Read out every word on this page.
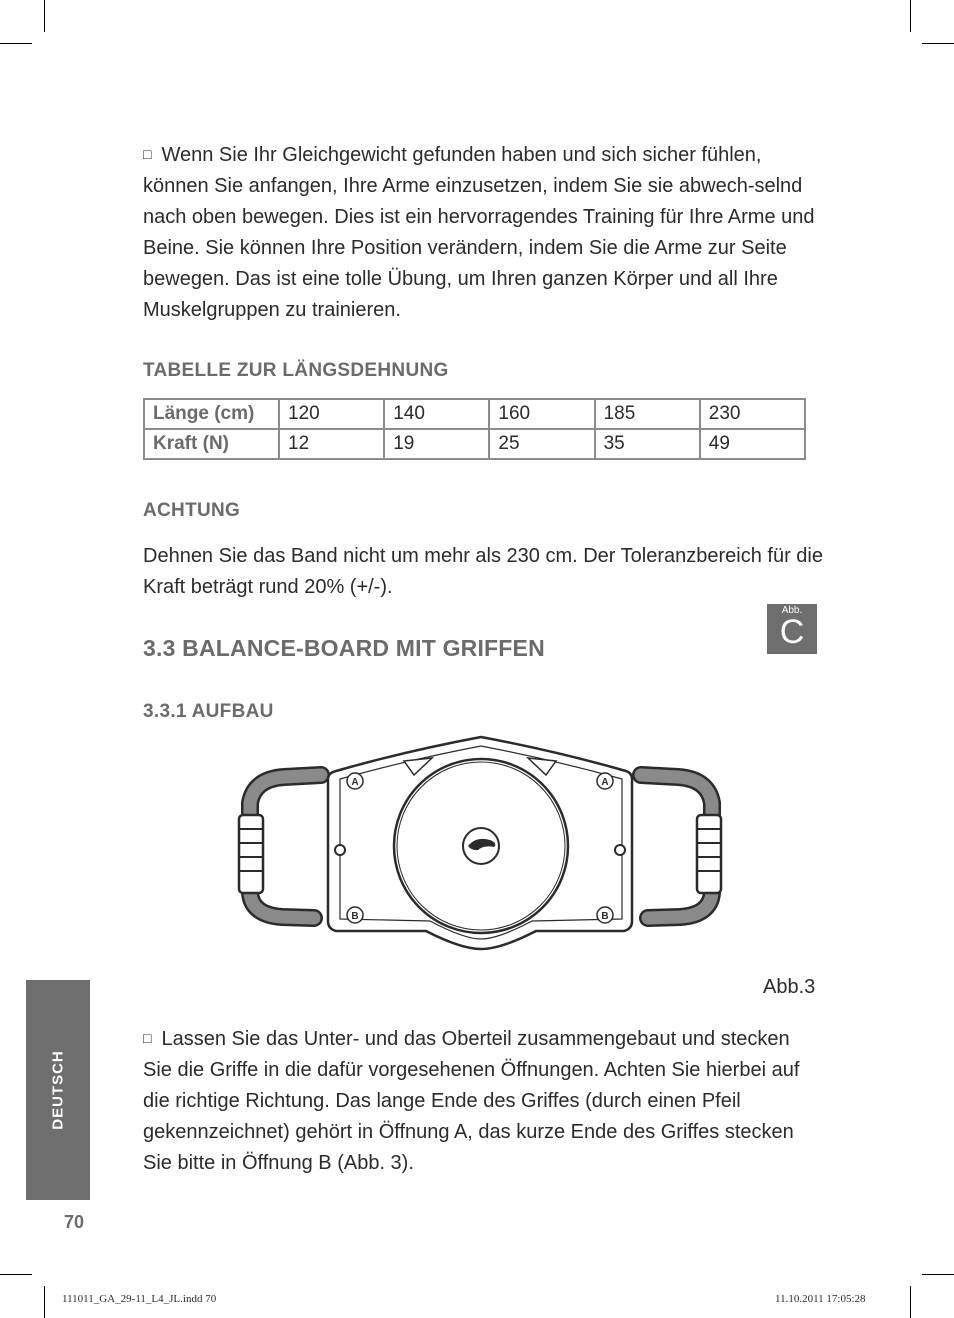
□ Wenn Sie Ihr Gleichgewicht gefunden haben und sich sicher fühlen, können Sie anfangen, Ihre Arme einzusetzen, indem Sie sie abwech-selnd nach oben bewegen. Dies ist ein hervorragendes Training für Ihre Arme und Beine. Sie können Ihre Position verändern, indem Sie die Arme zur Seite bewegen. Das ist eine tolle Übung, um Ihren ganzen Körper und all Ihre Muskelgruppen zu trainieren.

TABELLE ZUR LÄNGSDEHNUNG
Länge (cm)	120	140	160	185	230
Kraft (N)	12	19	25	35	49
ACHTUNG

Dehnen Sie das Band nicht um mehr als 230 cm. Der Toleranzbereich für die Kraft beträgt rund 20% (+/-).

3.3 BALANCE-BOARD MIT GRIFFEN
Abb.
C
3.3.1 AUFBAU
A	A
B	B
Abb.3

□ Lassen Sie das Unter- und das Oberteil zusammengebaut und stecken Sie die Griffe in die dafür vorgesehenen Öffnungen. Achten Sie hierbei auf die richtige Richtung. Das lange Ende des Griffes (durch einen Pfeil gekennzeichnet) gehört in Öffnung A, das kurze Ende des Griffes stecken Sie bitte in Öffnung B (Abb. 3).

DEUTSCH
70
111011_GA_29-11_L4_JL.indd 70	11.10.2011 17:05:28
